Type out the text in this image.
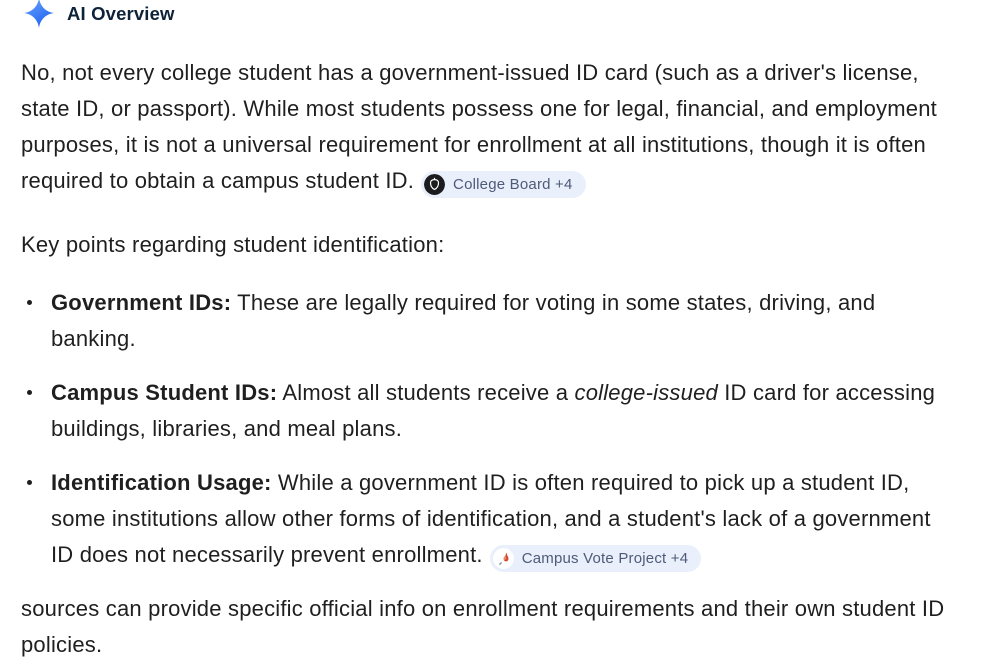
AI Overview

No, not every college student has a government-issued ID card (such as a driver's license, state ID, or passport). While most students possess one for legal, financial, and employment purposes, it is not a universal requirement for enrollment at all institutions, though it is often required to obtain a campus student ID.	College Board +4

Key points regarding student identification:

Government IDs: These are legally required for voting in some states, driving, and banking.
Campus Student IDs: Almost all students receive a college-issued ID card for accessing buildings, libraries, and meal plans.
Identification Usage: While a government ID is often required to pick up a student ID, some institutions allow other forms of identification, and a student's lack of a government ID does not necessarily prevent enrollment.	Campus Vote Project +4

sources can provide specific official info on enrollment requirements and their own student ID policies.
